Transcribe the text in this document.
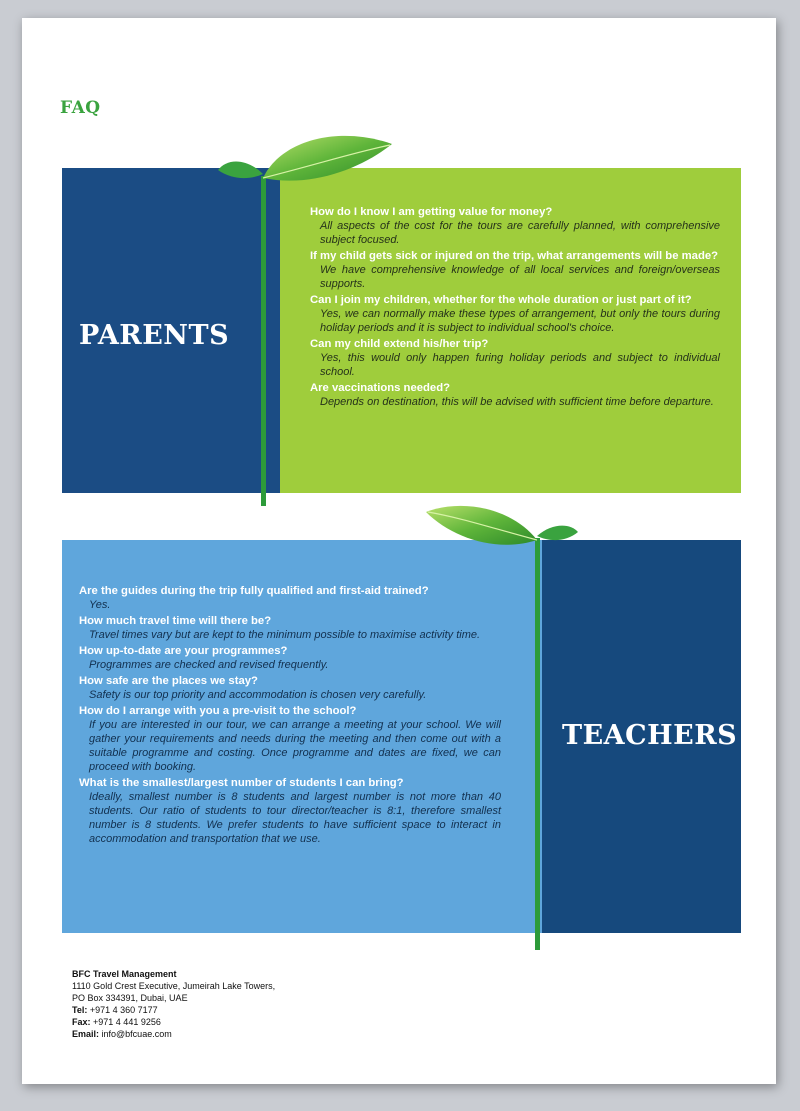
FAQ
PARENTS
How do I know I am getting value for money?
All aspects of the cost for the tours are carefully planned, with comprehensive subject focused.
If my child gets sick or injured on the trip, what arrangements will be made?
We have comprehensive knowledge of all local services and foreign/overseas supports.
Can I join my children, whether for the whole duration or just part of it?
Yes, we can normally make these types of arrangement, but only the tours during holiday periods and it is subject to individual school's choice.
Can my child extend his/her trip?
Yes, this would only happen furing holiday periods and subject to individual school.
Are vaccinations needed?
Depends on destination, this will be advised with sufficient time before departure.
TEACHERS
Are the guides during the trip fully qualified and first-aid trained?
Yes.
How much travel time will there be?
Travel times vary but are kept to the minimum possible to maximise activity time.
How up-to-date are your programmes?
Programmes are checked and revised frequently.
How safe are the places we stay?
Safety is our top priority and accommodation is chosen very carefully.
How do I arrange with you a pre-visit to the school?
If you are interested in our tour, we can arrange a meeting at your school. We will gather your requirements and needs during the meeting and then come out with a suitable programme and costing. Once programme and dates are fixed, we can proceed with booking.
What is the smallest/largest number of students I can bring?
Ideally, smallest number is 8 students and largest number is not more than 40 students. Our ratio of students to tour director/teacher is 8:1, therefore smallest number is 8 students. We prefer students to have sufficient space to interact in accommodation and transportation that we use.
BFC Travel Management
1110 Gold Crest Executive, Jumeirah Lake Towers,
PO Box 334391, Dubai, UAE
Tel: +971 4 360 7177
Fax: +971 4 441 9256
Email: info@bfcuae.com
